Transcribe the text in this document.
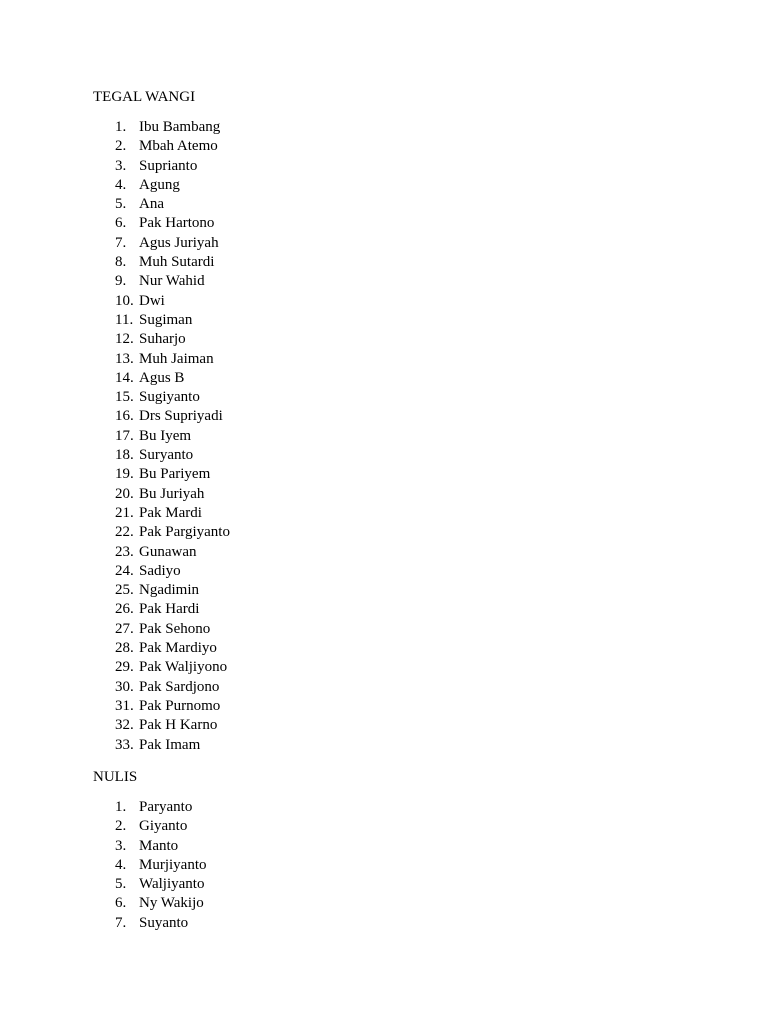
TEGAL WANGI
1. Ibu Bambang
2. Mbah Atemo
3. Suprianto
4. Agung
5. Ana
6. Pak Hartono
7. Agus Juriyah
8. Muh Sutardi
9. Nur Wahid
10. Dwi
11. Sugiman
12. Suharjo
13. Muh Jaiman
14. Agus B
15. Sugiyanto
16. Drs Supriyadi
17. Bu Iyem
18. Suryanto
19. Bu Pariyem
20. Bu Juriyah
21. Pak Mardi
22. Pak Pargiyanto
23. Gunawan
24. Sadiyo
25. Ngadimin
26. Pak Hardi
27. Pak Sehono
28. Pak Mardiyo
29. Pak Waljiyono
30. Pak Sardjono
31. Pak Purnomo
32. Pak H Karno
33. Pak Imam
NULIS
1. Paryanto
2. Giyanto
3. Manto
4. Murjiyanto
5. Waljiyanto
6. Ny Wakijo
7. Suyanto
